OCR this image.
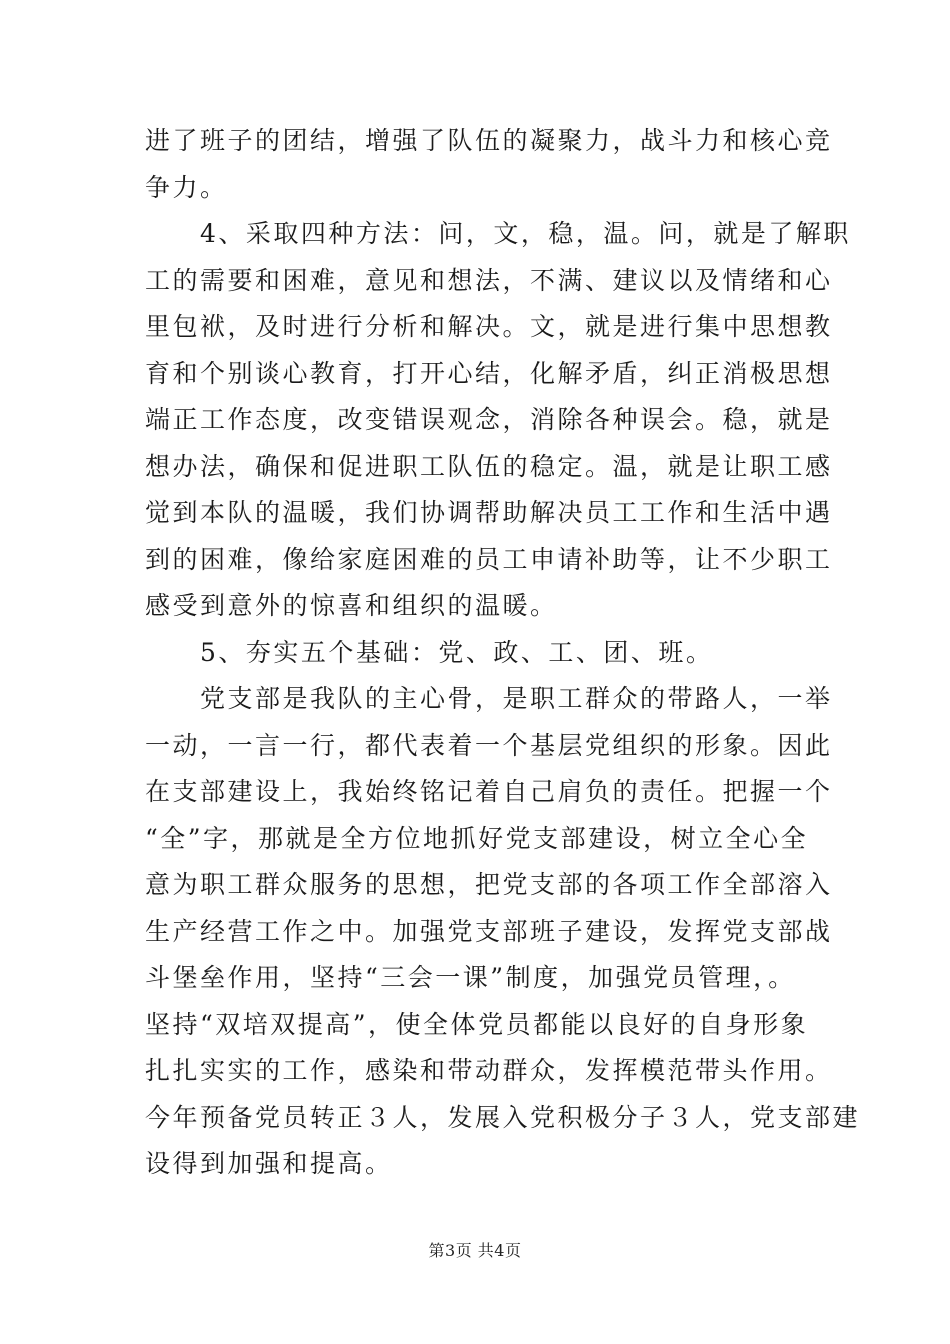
进了班子的团结，增强了队伍的凝聚力，战斗力和核心竞
争力。
　　4、采取四种方法：问，文，稳，温。问，就是了解职
工的需要和困难，意见和想法，不满、建议以及情绪和心
里包袱，及时进行分析和解决。文，就是进行集中思想教
育和个别谈心教育，打开心结，化解矛盾，纠正消极思想
端正工作态度，改变错误观念，消除各种误会。稳，就是
想办法，确保和促进职工队伍的稳定。温，就是让职工感
觉到本队的温暖，我们协调帮助解决员工工作和生活中遇
到的困难，像给家庭困难的员工申请补助等，让不少职工
感受到意外的惊喜和组织的温暖。
　　5、夯实五个基础：党、政、工、团、班。
　　党支部是我队的主心骨，是职工群众的带路人，一举
一动，一言一行，都代表着一个基层党组织的形象。因此
在支部建设上，我始终铭记着自己肩负的责任。把握一个
“全”字，那就是全方位地抓好党支部建设，树立全心全
意为职工群众服务的思想，把党支部的各项工作全部溶入
生产经营工作之中。加强党支部班子建设，发挥党支部战
斗堡垒作用，坚持“三会一课”制度，加强党员管理，。
坚持“双培双提高”，使全体党员都能以良好的自身形象
扎扎实实的工作，感染和带动群众，发挥模范带头作用。
今年预备党员转正３人，发展入党积极分子３人，党支部建
设得到加强和提高。
第3页 共4页
